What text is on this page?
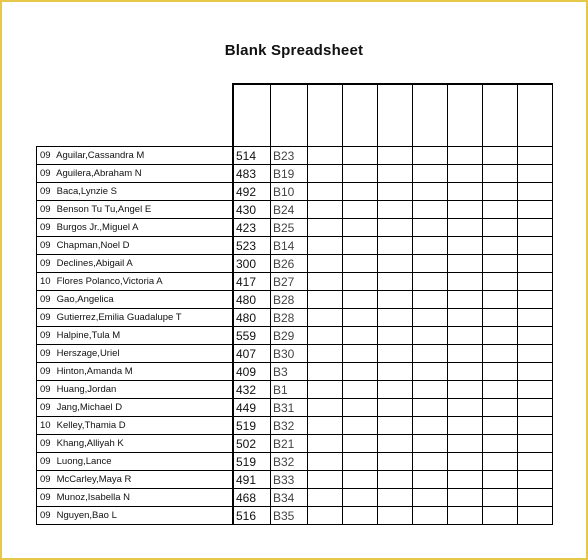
Blank Spreadsheet

09 Aguilar,Cassandra M	514	B23							
09 Aguilera,Abraham N	483	B19							
09 Baca,Lynzie S	492	B10							
09 Benson Tu Tu,Angel E	430	B24							
09 Burgos Jr.,Miguel A	423	B25							
09 Chapman,Noel D	523	B14							
09 Declines,Abigail A	300	B26							
10 Flores Polanco,Victoria A	417	B27							
09 Gao,Angelica	480	B28							
09 Gutierrez,Emilia Guadalupe T	480	B28							
09 Halpine,Tula M	559	B29							
09 Herszage,Uriel	407	B30							
09 Hinton,Amanda M	409	B3							
09 Huang,Jordan	432	B1							
09 Jang,Michael D	449	B31							
10 Kelley,Thamia D	519	B32							
09 Khang,Alliyah K	502	B21							
09 Luong,Lance	519	B32							
09 McCarley,Maya R	491	B33							
09 Munoz,Isabella N	468	B34							
09 Nguyen,Bao L	516	B35							
